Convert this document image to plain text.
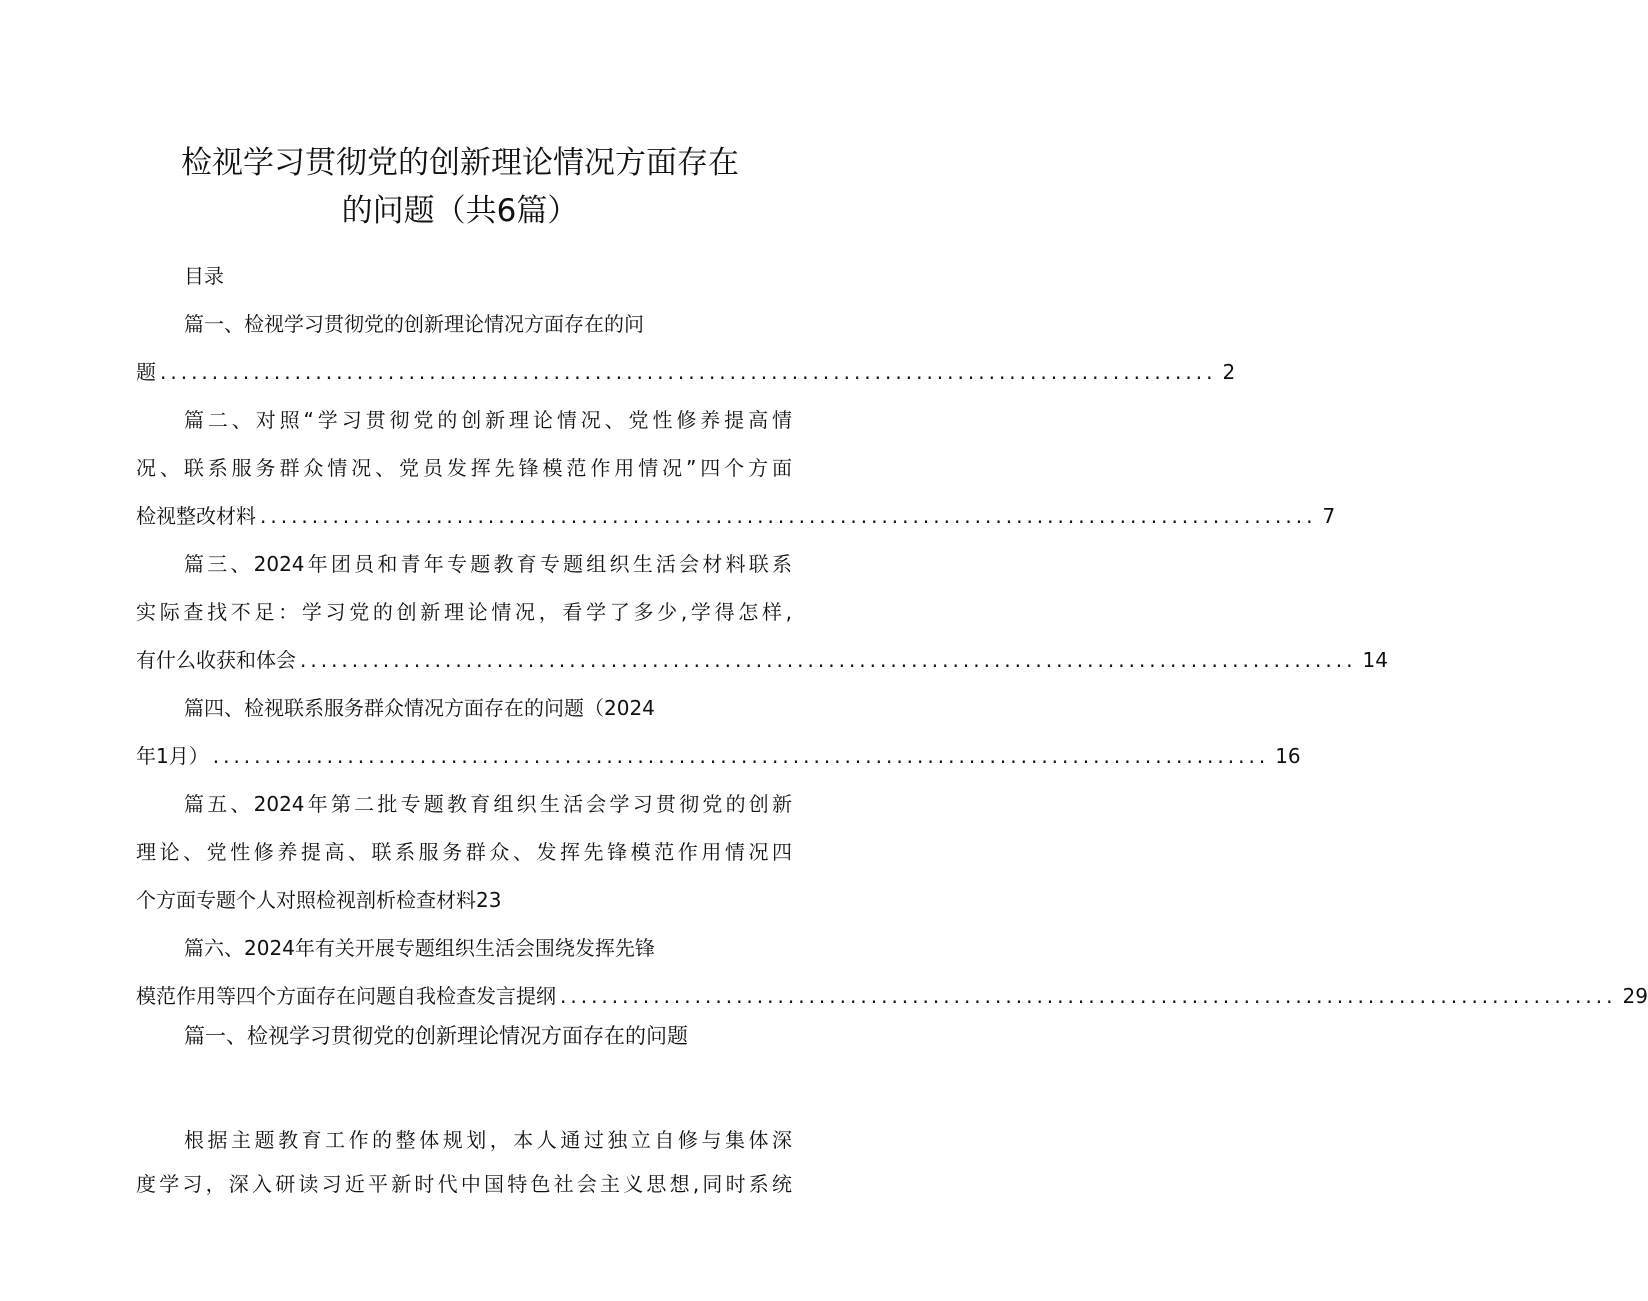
检视学习贯彻党的创新理论情况方面存在
的问题（共6篇）
目录
篇一、检视学习贯彻党的创新理论情况方面存在的问
题 ...................................................................................................... 2
篇二、对照“学习贯彻党的创新理论情况、党性修养提高情
况、联系服务群众情况、党员发挥先锋模范作用情况”四个方面
检视整改材料 ...................................................................................................... 7
篇三、2024年团员和青年专题教育专题组织生活会材料联系
实际查找不足：学习党的创新理论情况，看学了多少,学得怎样,
有什么收获和体会 ...................................................................................................... 14
篇四、检视联系服务群众情况方面存在的问题（2024
年1月） ...................................................................................................... 16
篇五、2024年第二批专题教育组织生活会学习贯彻党的创新
理论、党性修养提高、联系服务群众、发挥先锋模范作用情况四
个方面专题个人对照检视剖析检查材料23
篇六、2024年有关开展专题组织生活会围绕发挥先锋
模范作用等四个方面存在问题自我检查发言提纲 ...................................................................................................... 29
篇一、检视学习贯彻党的创新理论情况方面存在的问题
根据主题教育工作的整体规划，本人通过独立自修与集体深
度学习，深入研读习近平新时代中国特色社会主义思想,同时系统
